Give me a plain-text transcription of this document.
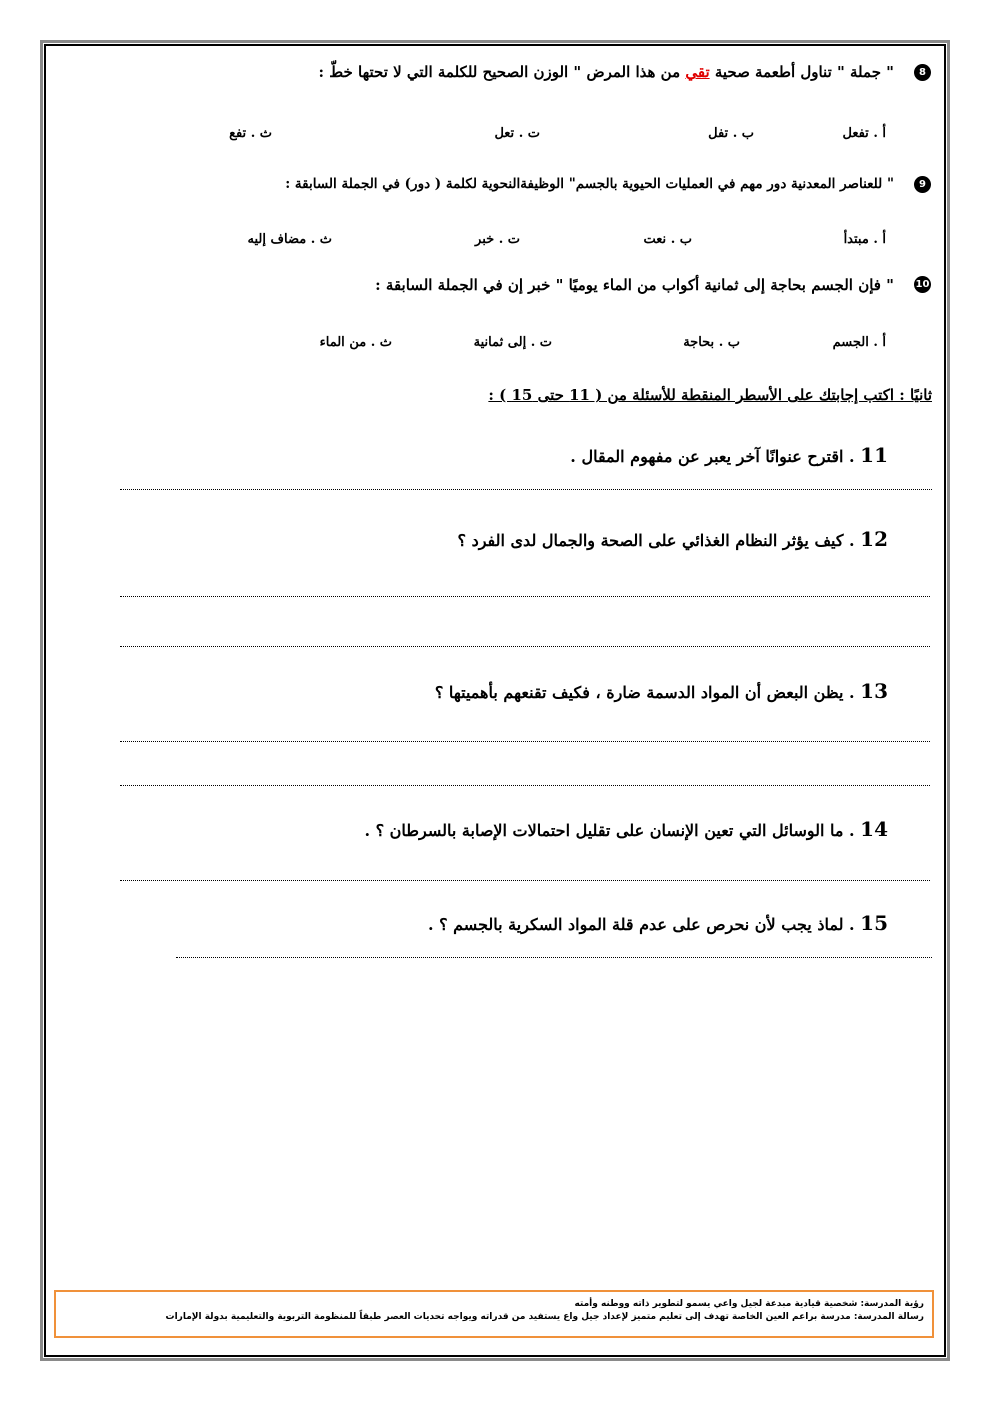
8
" جملة " تناول أطعمة صحية تقي من هذا المرض " الوزن الصحيح للكلمة التي لا تحتها خطّ :
أ . تفعل
ب . تفل
ت . تعل
ث . تفع
9
" للعناصر المعدنية دور مهم في العمليات الحيوية بالجسم" الوظيفةالنحوية لكلمة ( دور) في الجملة السابقة :
أ . مبتدأ
ب . نعت
ت . خبر
ث . مضاف إليه
10
" فإن الجسم بحاجة إلى ثمانية أكواب من الماء يوميًا " خبر إن في الجملة السابقة :
أ . الجسم
ب . بحاجة
ت . إلى ثمانية
ث . من الماء
ثانيًا : اكتب إجابتك على الأسطر المنقطة للأسئلة من ( 11 حتى 15 ) :
11 . اقترح عنوانًا آخر يعبر عن مفهوم المقال .
12 . كيف يؤثر النظام الغذائي على الصحة والجمال لدى الفرد ؟
13 . يظن البعض أن المواد الدسمة ضارة ، فكيف تقنعهم بأهميتها ؟
14 . ما الوسائل التي تعين الإنسان على تقليل احتمالات الإصابة بالسرطان ؟ .
15 . لماذ يجب لأن نحرص على عدم قلة المواد السكرية بالجسم ؟ .
رؤية المدرسة: شخصية قيادية مبدعة لجيل واعي يسمو لتطوير ذاته ووطنه وأمته
رسالة المدرسة: مدرسة براعم العين الخاصة تهدف إلى تعليم متميز لإعداد جيل واع يستفيد من قدراته ويواجه تحديات العصر طبقاً للمنظومة التربوية والتعليمية بدولة الإمارات
